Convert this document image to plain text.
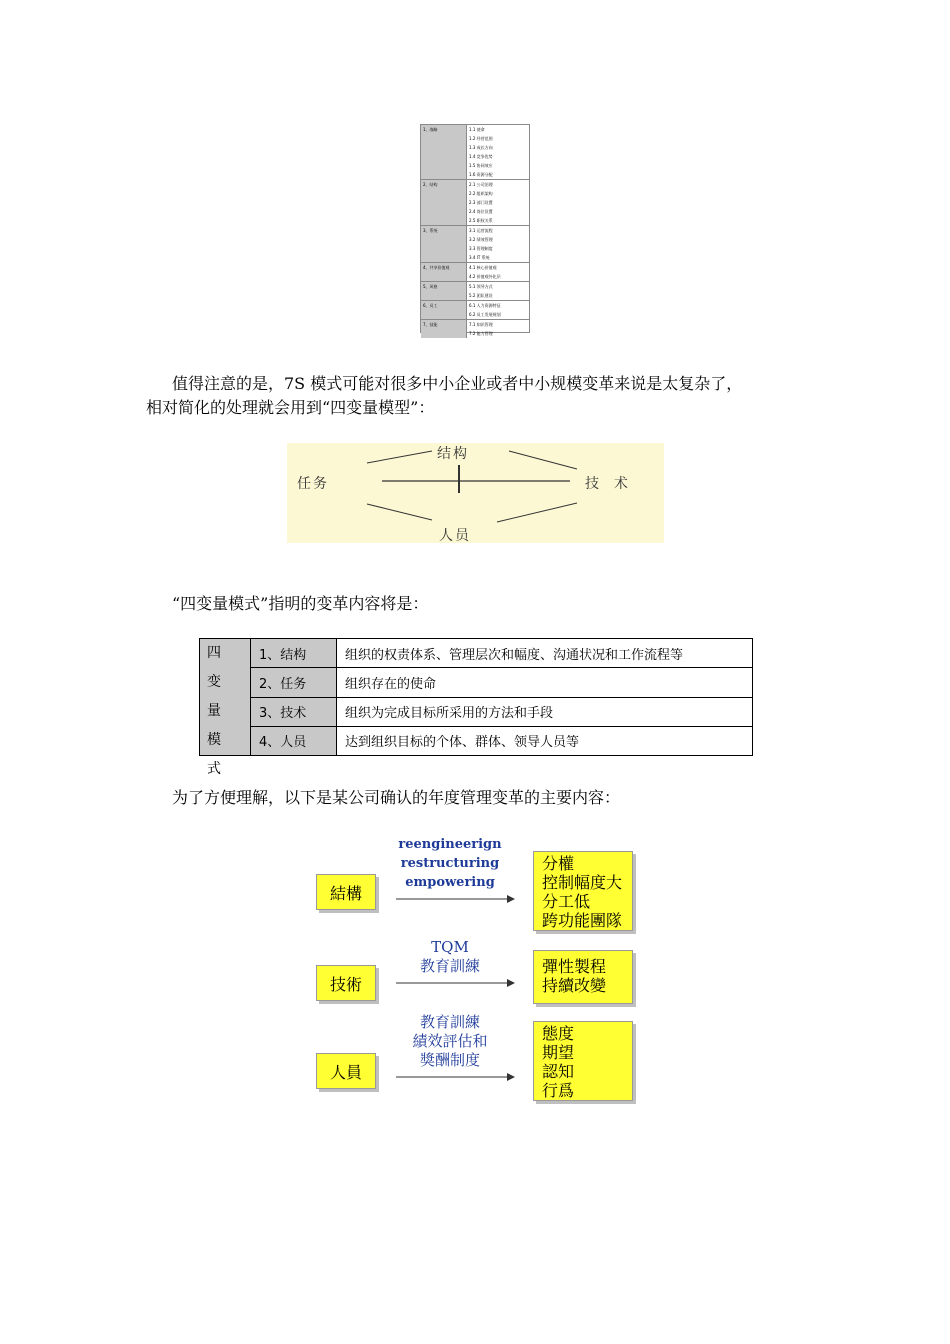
1、战略	1.1 使命
1.2 经营范围
1.3 成长方向
1.4 竞争优势
1.5 协同效应
1.6 资源分配
2、结构	2.1 公司治理
2.2 组织架构
2.3 部门设置
2.4 岗位设置
2.5 职权关系
3、系统	3.1 运营流程
3.2 绩效管理
3.3 管理制度
3.4 IT 系统
4、共享价值观	4.1 核心价值观
4.2 价值观外化层
5、风格	5.1 领导方式
5.2 团队建设
6、员工	6.1 人力资源特征
6.2 员工发展规划
7、技能	7.1 知识管理
7.2 能力管理
值得注意的是，7S 模式可能对很多中小企业或者中小规模变革来说是太复杂了，
相对简化的处理就会用到“四变量模型”：
结构
任务	技  术
人员
“四变量模式”指明的变革内容将是：
四变量模式
1、结构	组织的权责体系、管理层次和幅度、沟通状况和工作流程等
2、任务	组织存在的使命
3、技术	组织为完成目标所采用的方法和手段
4、人员	达到组织目标的个体、群体、领导人员等
为了方便理解，以下是某公司确认的年度管理变革的主要内容：
結構
reengineerign
restructuring
empowering
分權
控制幅度大
分工低
跨功能團隊
技術
TQM
教育訓練	彈性製程
持續改變
人員
教育訓練
績效評估和
獎酬制度
態度
期望
認知
行爲
